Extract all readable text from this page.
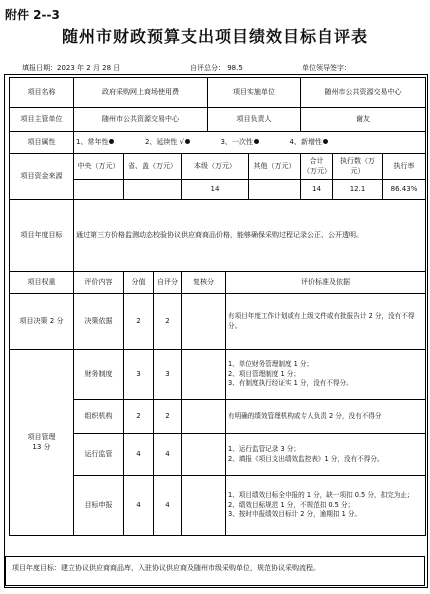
附件 2--3
随州市财政预算支出项目绩效目标自评表
填报日期：2023 年 2 月 28 日	自评总分： 98.5	单位领导签字：
项目名称	政府采购网上商场使用费				项目实施单位			随州市公共资源交易中心		
项目主管单位	随州市公共资源交易中心				项目负责人			谢友		
项目属性	1、常年性 2、延续性 √ 3、一次性 4、新增性									
项目资金来源	中央（万元）	省、盖（万元）		本级（万元）			其他（万元）	合计（万元）	执行数（万元）	执行率
				14				14	12.1	86.43%
项目年度目标	通过第三方价格监测动态校验协议供应商商品价格，能够确保采购过程记录公正、公开透明。									
项目权重	评价内容	分值	自评分	复核分		评价标准及依据				
项目决策 2 分	决策依据	2	2			有项目年度工作计划或有上级文件或有批报告计 2 分，没有不得分。				
项目管理
13 分	财务制度	3	3			1、单位财务管理制度 1 分；
2、项目管理制度 1 分；
3、有制度执行经证实 1 分，没有不得分。				
	组织机构	2	2			有明确的绩效管理机构或专人负责 2 分，没有不得分				
	运行监管	4	4			1、运行监管记录 3 分；
2、填报《项目支出绩效监控表》1 分，没有不得分。				
	目标申报	4	4			1、项目绩效目标全申报的 1 分，缺一项扣 0.5 分，扣完为止；
2、绩效目标规范 1 分，不规范扣 0.5 分；
3、按时申报绩效目标计 2 分，逾期扣 1 分。				
项目年度目标：建立协议供应商商品库，入驻协议供应商及随州市级采购单位，规范协议采购流程。
